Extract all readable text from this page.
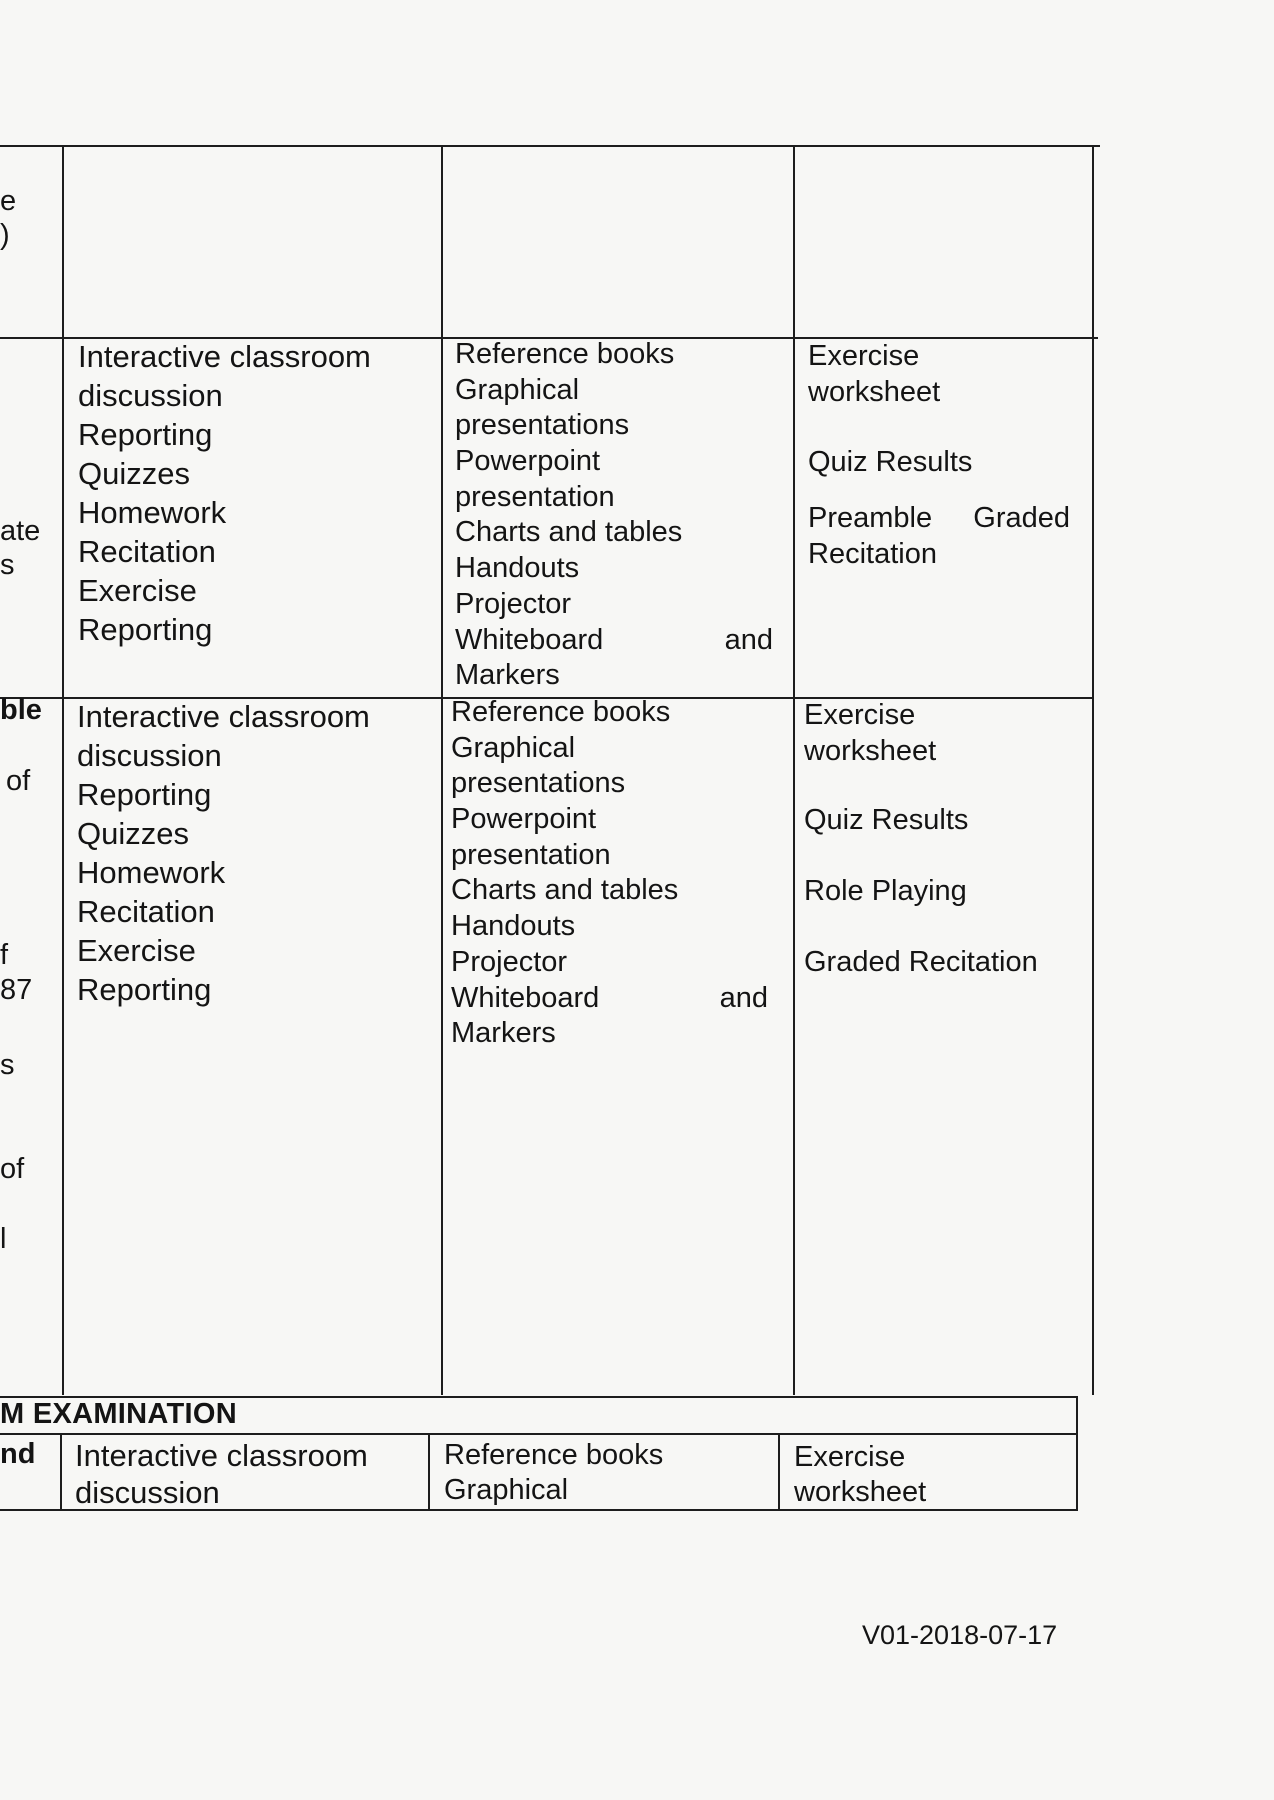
e
)
ate
s
ble
of
f
87
s
of
l
nd
Interactive classroom
discussion
Reporting
Quizzes
Homework
Recitation
Exercise
Reporting
Reference books
Graphical
presentations
Powerpoint
presentation
Charts and tables
Handouts
Projector
Whiteboard	and
Markers
Exercise
worksheet
Quiz Results
Preamble Graded
Recitation
Interactive classroom
discussion
Reporting
Quizzes
Homework
Recitation
Exercise
Reporting
Reference books
Graphical
presentations
Powerpoint
presentation
Charts and tables
Handouts
Projector
Whiteboard	and
Markers
Exercise
worksheet
Quiz Results
Role Playing
Graded Recitation
M EXAMINATION
Interactive classroom
discussion
Reference books
Graphical
Exercise
worksheet
V01-2018-07-17
